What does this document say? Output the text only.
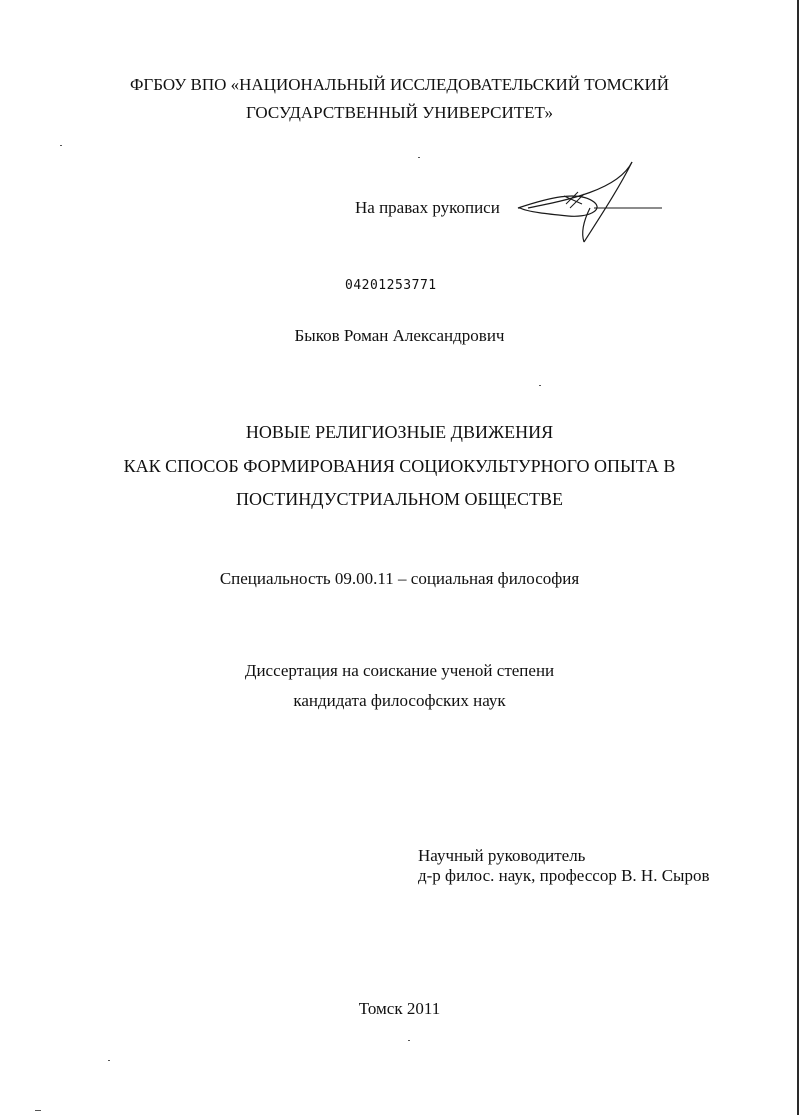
ФГБОУ ВПО «НАЦИОНАЛЬНЫЙ ИССЛЕДОВАТЕЛЬСКИЙ ТОМСКИЙ
ГОСУДАРСТВЕННЫЙ УНИВЕРСИТЕТ»
На правах рукописи
04201253771
Быков Роман Александрович
НОВЫЕ РЕЛИГИОЗНЫЕ ДВИЖЕНИЯ
КАК СПОСОБ ФОРМИРОВАНИЯ СОЦИОКУЛЬТУРНОГО ОПЫТА В
ПОСТИНДУСТРИАЛЬНОМ ОБЩЕСТВЕ
Специальность 09.00.11 – социальная философия
Диссертация на соискание ученой степени
кандидата философских наук
Научный руководитель
д-р филос. наук, профессор В. Н. Сыров
Томск 2011
